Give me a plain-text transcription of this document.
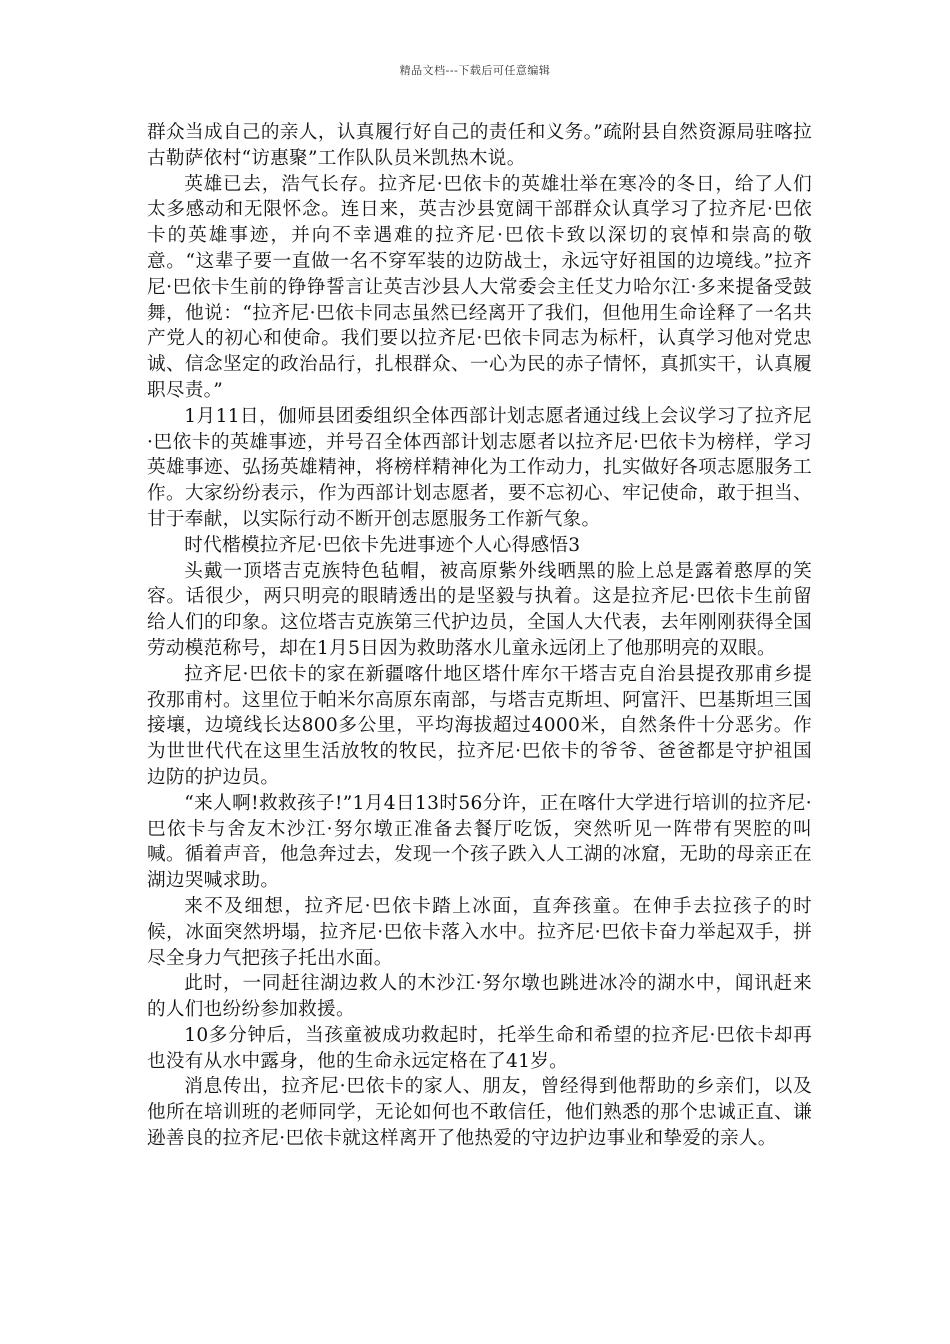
精品文档---下载后可任意编辑

群众当成自己的亲人，认真履行好自己的责任和义务。”疏附县自然资源局驻喀拉古勒萨依村“访惠聚”工作队队员米凯热木说。

英雄已去，浩气长存。拉齐尼·巴依卡的英雄壮举在寒冷的冬日，给了人们太多感动和无限怀念。连日来，英吉沙县宽阔干部群众认真学习了拉齐尼·巴依卡的英雄事迹，并向不幸遇难的拉齐尼·巴依卡致以深切的哀悼和崇高的敬意。“这辈子要一直做一名不穿军装的边防战士，永远守好祖国的边境线。”拉齐尼·巴依卡生前的铮铮誓言让英吉沙县人大常委会主任艾力哈尔江·多来提备受鼓舞，他说：“拉齐尼·巴依卡同志虽然已经离开了我们，但他用生命诠释了一名共产党人的初心和使命。我们要以拉齐尼·巴依卡同志为标杆，认真学习他对党忠诚、信念坚定的政治品行，扎根群众、一心为民的赤子情怀，真抓实干，认真履职尽责。”

1月11日，伽师县团委组织全体西部计划志愿者通过线上会议学习了拉齐尼·巴依卡的英雄事迹，并号召全体西部计划志愿者以拉齐尼·巴依卡为榜样，学习英雄事迹、弘扬英雄精神，将榜样精神化为工作动力，扎实做好各项志愿服务工作。大家纷纷表示，作为西部计划志愿者，要不忘初心、牢记使命，敢于担当、甘于奉献，以实际行动不断开创志愿服务工作新气象。

时代楷模拉齐尼·巴依卡先进事迹个人心得感悟3

头戴一顶塔吉克族特色毡帽，被高原紫外线晒黑的脸上总是露着憨厚的笑容。话很少，两只明亮的眼睛透出的是坚毅与执着。这是拉齐尼·巴依卡生前留给人们的印象。这位塔吉克族第三代护边员，全国人大代表，去年刚刚获得全国劳动模范称号，却在1月5日因为救助落水儿童永远闭上了他那明亮的双眼。

拉齐尼·巴依卡的家在新疆喀什地区塔什库尔干塔吉克自治县提孜那甫乡提孜那甫村。这里位于帕米尔高原东南部，与塔吉克斯坦、阿富汗、巴基斯坦三国接壤，边境线长达800多公里，平均海拔超过4000米，自然条件十分恶劣。作为世世代代在这里生活放牧的牧民，拉齐尼·巴依卡的爷爷、爸爸都是守护祖国边防的护边员。

“来人啊!救救孩子!”1月4日13时56分许，正在喀什大学进行培训的拉齐尼·巴依卡与舍友木沙江·努尔墩正准备去餐厅吃饭，突然听见一阵带有哭腔的叫喊。循着声音，他急奔过去，发现一个孩子跌入人工湖的冰窟，无助的母亲正在湖边哭喊求助。

来不及细想，拉齐尼·巴依卡踏上冰面，直奔孩童。在伸手去拉孩子的时候，冰面突然坍塌，拉齐尼·巴依卡落入水中。拉齐尼·巴依卡奋力举起双手，拼尽全身力气把孩子托出水面。

此时，一同赶往湖边救人的木沙江·努尔墩也跳进冰冷的湖水中，闻讯赶来的人们也纷纷参加救援。

10多分钟后，当孩童被成功救起时，托举生命和希望的拉齐尼·巴依卡却再也没有从水中露身，他的生命永远定格在了41岁。

消息传出，拉齐尼·巴依卡的家人、朋友，曾经得到他帮助的乡亲们，以及他所在培训班的老师同学，无论如何也不敢信任，他们熟悉的那个忠诚正直、谦逊善良的拉齐尼·巴依卡就这样离开了他热爱的守边护边事业和挚爱的亲人。
